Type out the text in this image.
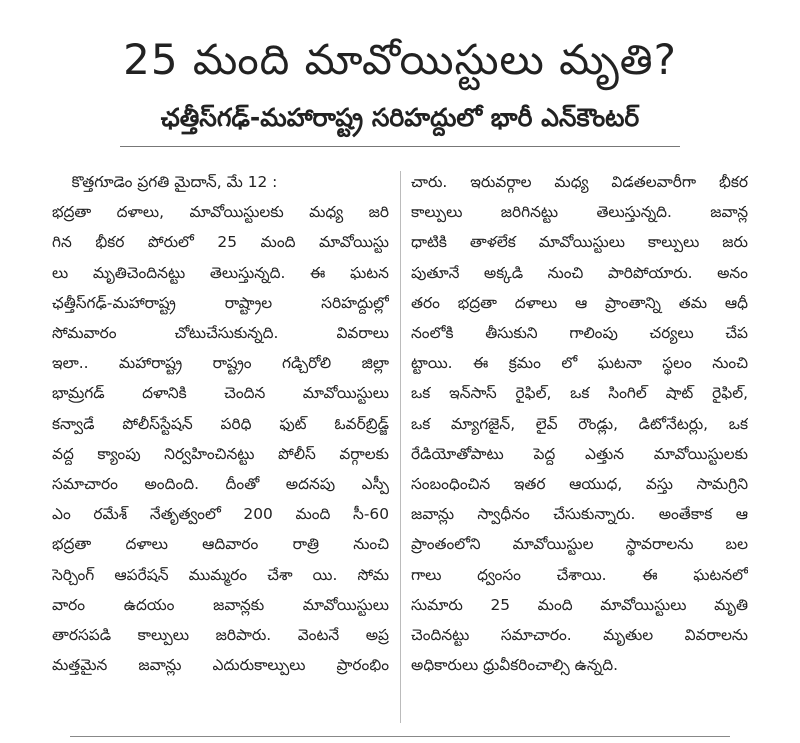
25 మంది మావోయిస్టులు మృతి?
ఛత్తీస్‌గఢ్‌-మహారాష్ట్ర సరిహద్దులో భారీ ఎన్‌కౌంటర్
కొత్తగూడెం ప్రగతి మైదాన్, మే 12 :
భద్రతా దళాలు, మావోయిస్టులకు మధ్య జరి
గిన భీకర పోరులో 25 మంది మావోయిస్టు
లు మృతిచెందినట్టు తెలుస్తున్నది. ఈ ఘటన
ఛత్తీస్‌గఢ్‌-మహారాష్ట్ర రాష్ట్రాల సరిహద్దుల్లో
సోమవారం చోటుచేసుకున్నది. వివరాలు
ఇలా.. మహారాష్ట్ర రాష్ట్రం గడ్చిరోలి జిల్లా
భామ్రగడ్ దళానికి చెందిన మావోయిస్టులు
కన్వాడే పోలీస్‌స్టేషన్ పరిధి ఫుట్ ఓవర్‌బ్రిడ్జ్
వద్ద క్యాంపు నిర్వహించినట్టు పోలీస్ వర్గాలకు
సమాచారం అందింది. దీంతో అదనపు ఎస్పీ
ఎం రమేశ్ నేతృత్వంలో 200 మంది సీ-60
భద్రతా దళాలు ఆదివారం రాత్రి నుంచి
సెర్చింగ్ ఆపరేషన్ ముమ్మరం చేశా యి. సోమ
వారం ఉదయం జవాన్లకు మావోయిస్టులు
తారసపడి కాల్పులు జరిపారు. వెంటనే అప్ర
మత్తమైన జవాన్లు ఎదురుకాల్పులు ప్రారంభిం
చారు. ఇరువర్గాల మధ్య విడతలవారీగా భీకర
కాల్పులు జరిగినట్టు తెలుస్తున్నది. జవాన్ల
ధాటికి తాళలేక మావోయిస్టులు కాల్పులు జరు
పుతూనే అక్కడి నుంచి పారిపోయారు. అనం
తరం భద్రతా దళాలు ఆ ప్రాంతాన్ని తమ ఆధీ
నంలోకి తీసుకుని గాలింపు చర్యలు చేప
ట్టాయి. ఈ క్రమం లో ఘటనా స్థలం నుంచి
ఒక ఇన్‌సాస్ రైఫిల్, ఒక సింగిల్ షాట్ రైఫిల్,
ఒక మ్యాగజైన్, లైవ్ రౌండ్లు, డిటోనేటర్లు, ఒక
రేడియోతోపాటు పెద్ద ఎత్తున మావోయిస్టులకు
సంబంధించిన ఇతర ఆయుధ, వస్తు సామగ్రిని
జవాన్లు స్వాధీనం చేసుకున్నారు. అంతేకాక ఆ
ప్రాంతంలోని మావోయిస్టుల స్థావరాలను బల
గాలు ధ్వంసం చేశాయి. ఈ ఘటనలో
సుమారు 25 మంది మావోయిస్టులు మృతి
చెందినట్టు సమాచారం. మృతుల వివరాలను
అధికారులు ధ్రువీకరించాల్సి ఉన్నది.
